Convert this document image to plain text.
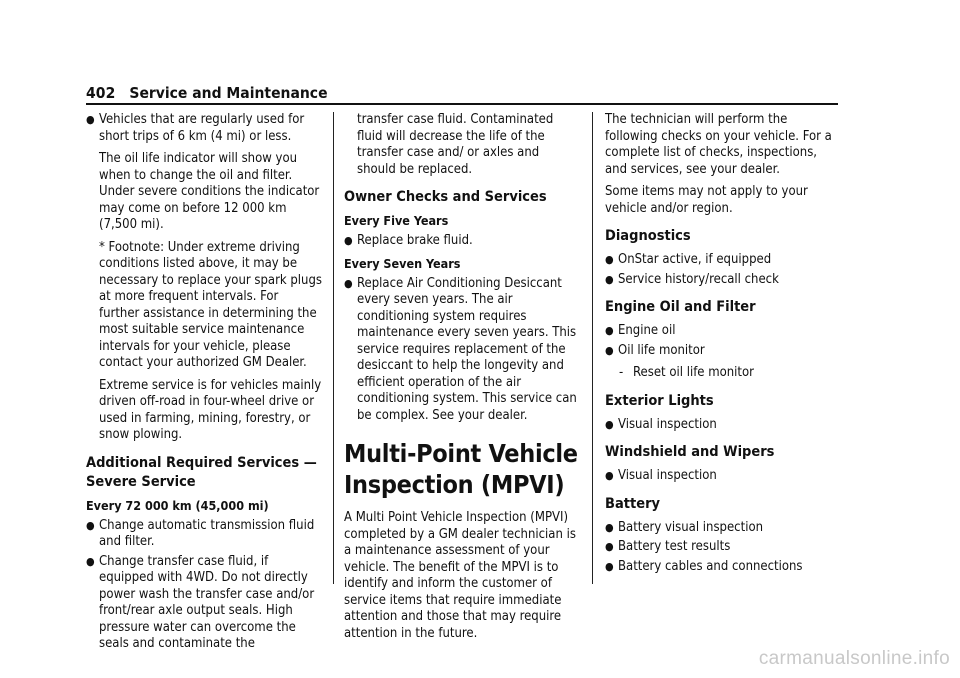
402 Service and Maintenance
● Vehicles that are regularly used for short trips of 6 km (4 mi) or less.

The oil life indicator will show you when to change the oil and filter. Under severe conditions the indicator may come on before 12 000 km (7,500 mi).

* Footnote: Under extreme driving conditions listed above, it may be necessary to replace your spark plugs at more frequent intervals. For further assistance in determining the most suitable service maintenance intervals for your vehicle, please contact your authorized GM Dealer.

Extreme service is for vehicles mainly driven off-road in four-wheel drive or used in farming, mining, forestry, or snow plowing.

Additional Required Services — Severe Service
Every 72 000 km (45,000 mi)
● Change automatic transmission fluid and filter.
● Change transfer case fluid, if equipped with 4WD. Do not directly power wash the transfer case and/or front/rear axle output seals. High pressure water can overcome the seals and contaminate the

transfer case fluid. Contaminated fluid will decrease the life of the transfer case and/ or axles and should be replaced.

Owner Checks and Services
Every Five Years
● Replace brake fluid.
Every Seven Years
● Replace Air Conditioning Desiccant every seven years. The air conditioning system requires maintenance every seven years. This service requires replacement of the desiccant to help the longevity and efficient operation of the air conditioning system. This service can be complex. See your dealer.
Multi-Point Vehicle Inspection (MPVI)

A Multi Point Vehicle Inspection (MPVI) completed by a GM dealer technician is a maintenance assessment of your vehicle. The benefit of the MPVI is to identify and inform the customer of service items that require immediate attention and those that may require attention in the future.

The technician will perform the following checks on your vehicle. For a complete list of checks, inspections, and services, see your dealer.

Some items may not apply to your vehicle and/or region.

Diagnostics
● OnStar active, if equipped
● Service history/recall check
Engine Oil and Filter
● Engine oil
● Oil life monitor
- Reset oil life monitor
Exterior Lights
● Visual inspection
Windshield and Wipers
● Visual inspection
Battery
● Battery visual inspection
● Battery test results
● Battery cables and connections
carmanualsonline.info
